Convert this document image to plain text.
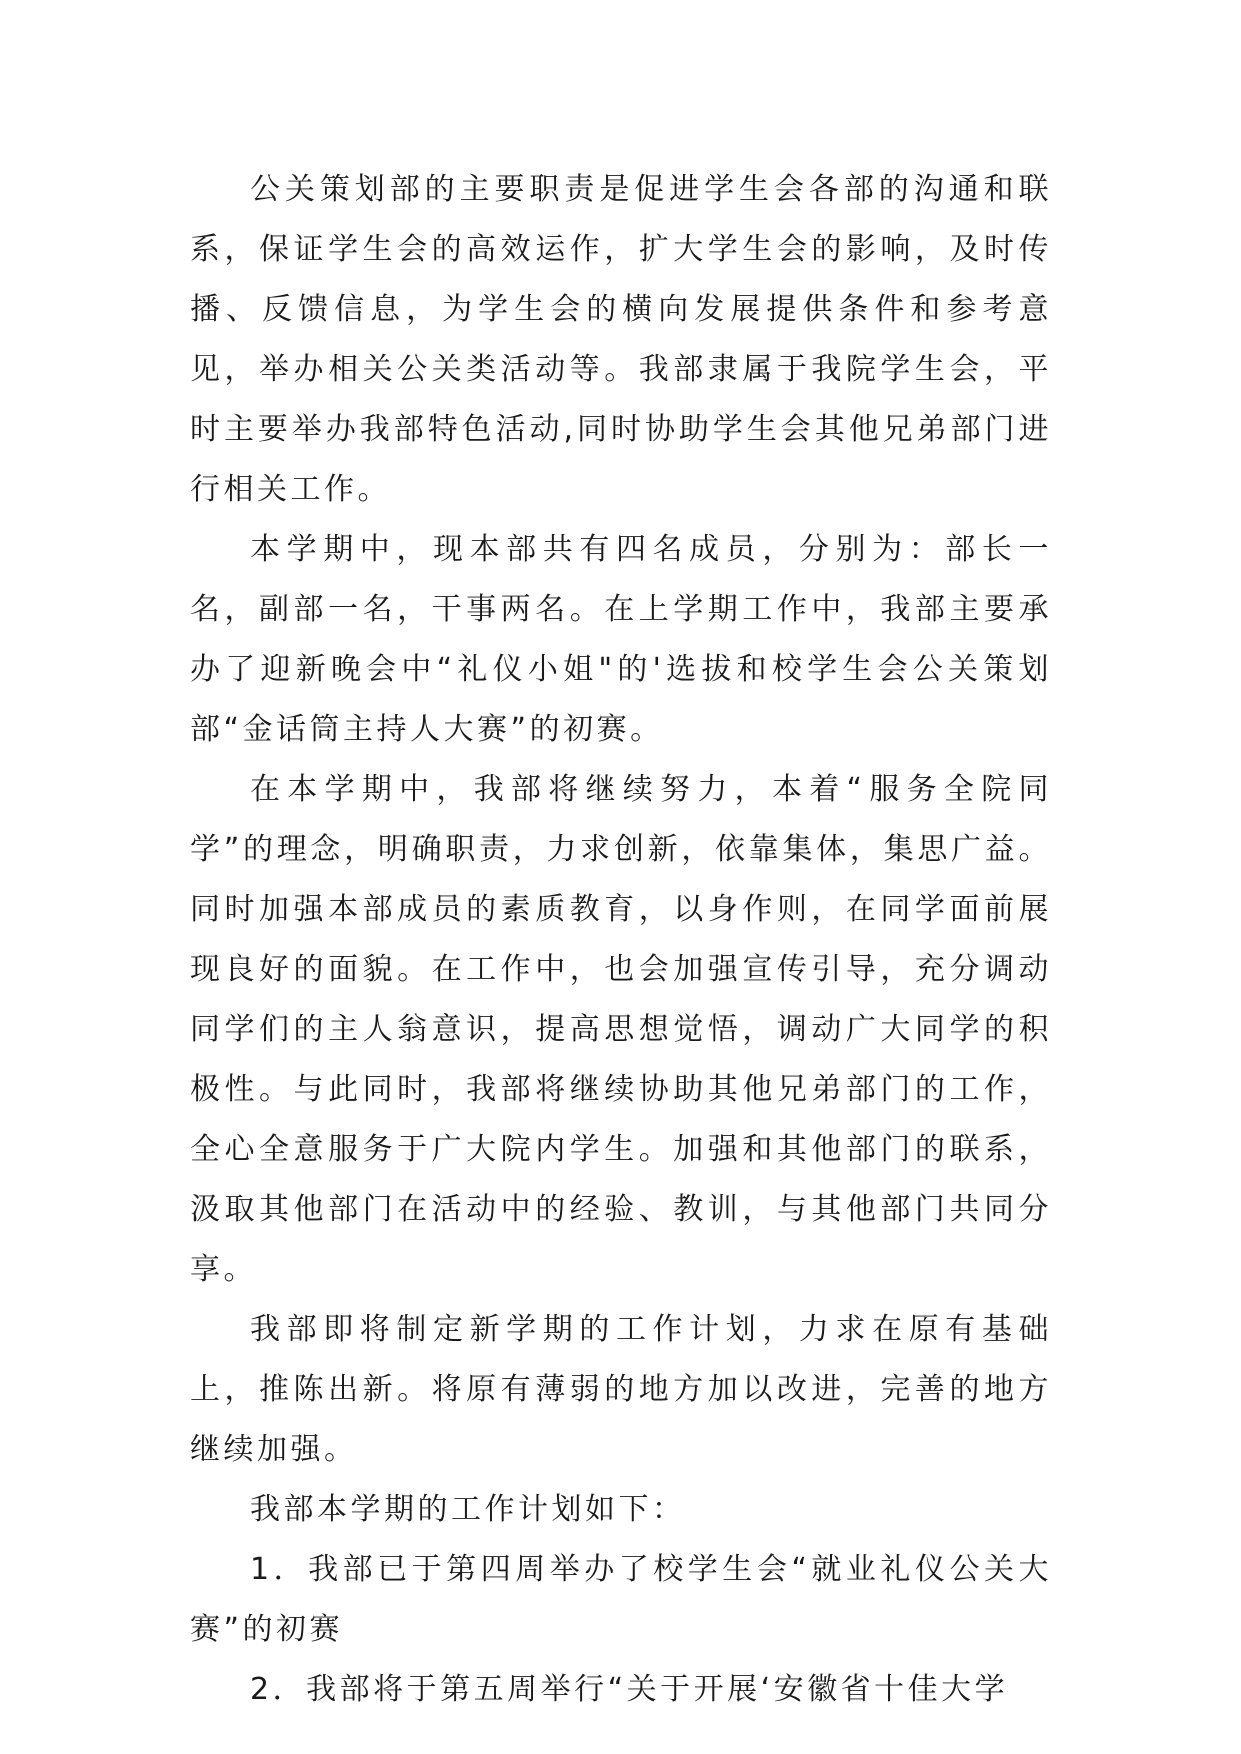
公关策划部的主要职责是促进学生会各部的沟通和联系，保证学生会的高效运作，扩大学生会的影响，及时传播、反馈信息，为学生会的横向发展提供条件和参考意见，举办相关公关类活动等。我部隶属于我院学生会，平时主要举办我部特色活动,同时协助学生会其他兄弟部门进行相关工作。

本学期中，现本部共有四名成员，分别为：部长一名，副部一名，干事两名。在上学期工作中，我部主要承办了迎新晚会中“礼仪小姐"的'选拔和校学生会公关策划部“金话筒主持人大赛”的初赛。

在本学期中，我部将继续努力，本着“服务全院同学”的理念，明确职责，力求创新，依靠集体，集思广益。同时加强本部成员的素质教育，以身作则，在同学面前展现良好的面貌。在工作中，也会加强宣传引导，充分调动同学们的主人翁意识，提高思想觉悟，调动广大同学的积极性。与此同时，我部将继续协助其他兄弟部门的工作，全心全意服务于广大院内学生。加强和其他部门的联系，汲取其他部门在活动中的经验、教训，与其他部门共同分享。

我部即将制定新学期的工作计划，力求在原有基础上，推陈出新。将原有薄弱的地方加以改进，完善的地方继续加强。

我部本学期的工作计划如下：

1．我部已于第四周举办了校学生会“就业礼仪公关大赛”的初赛

2．我部将于第五周举行“关于开展‘安徽省十佳大学
